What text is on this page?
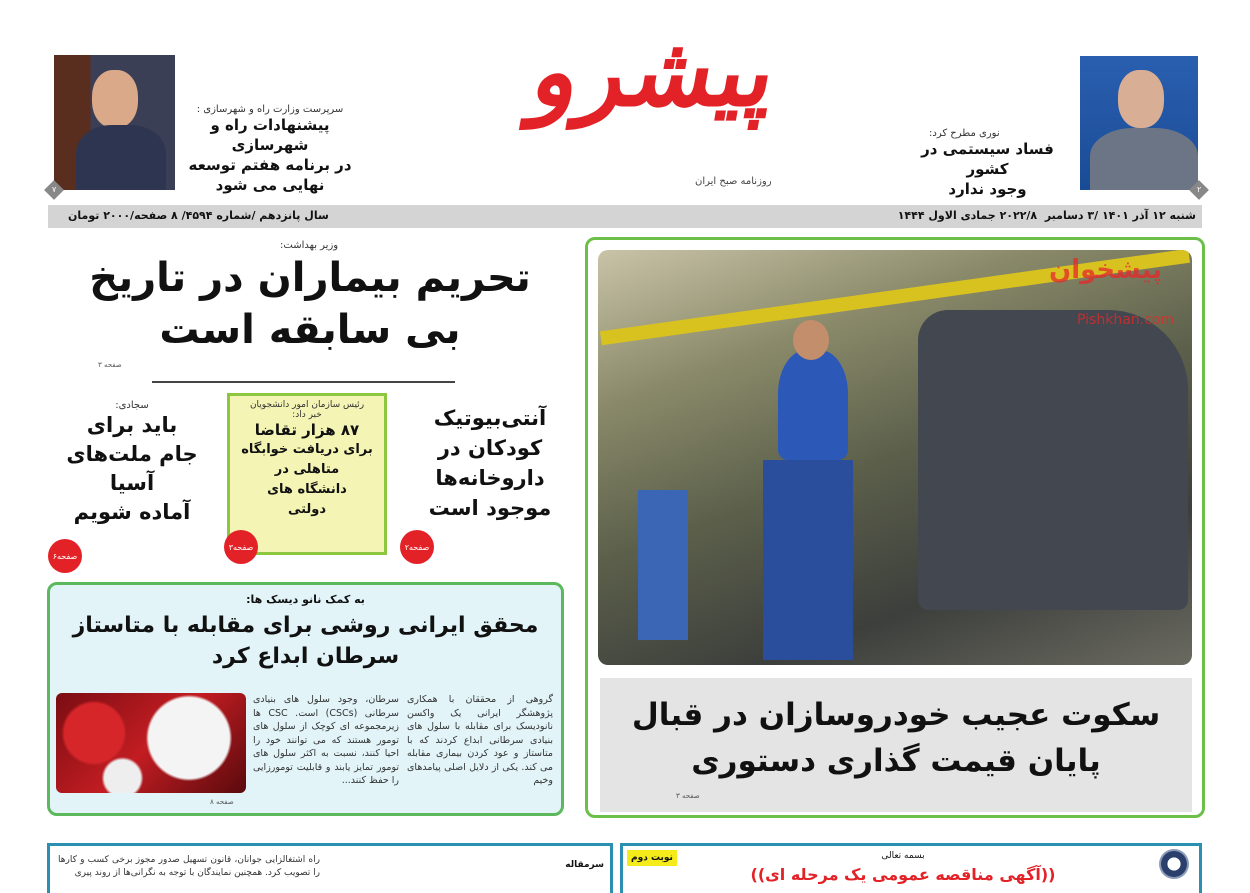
۷
سرپرست وزارت راه و شهرسازی :
پیشنهادات راه و شهرسازی
در برنامه هفتم توسعه
نهایی می شود
پیشرو
روزنامه صبح ایران
۲
نوری مطرح کرد:
فساد سیستمی در کشور
وجود ندارد
سال پانزدهم /شماره ۴۵۹۴/ ۸ صفحه/۲۰۰۰ تومان	شنبه ۱۲ آذر ۱۴۰۱ /۳ دسامبر  ۲۰۲۲/۸ جمادی الاول ۱۴۴۴
وزیر بهداشت:
تحریم بیماران در تاریخ
بی سابقه است
صفحه ۳
آنتی‌بیوتیک
کودکان در
داروخانه‌ها
موجود است
صفحه۲
رئیس سازمان امور دانشجویان
خبر داد:
۸۷ هزار تقاضا
برای دریافت خوابگاه
متاهلی در
دانشگاه های
دولتی
صفحه۳
سجادی:
باید برای
جام ملت‌های
آسیا
آماده شویم
صفحه۶
به کمک نانو دیسک ها:
محقق ایرانی روشی برای مقابله با متاستاز
سرطان ابداع کرد
گروهی از محققان با همکاری پژوهشگر ایرانی یک واکسن نانودیسک برای مقابله با سلول های بنیادی سرطانی ابداع کردند که با متاستاز و عود کردن بیماری مقابله می کند. یکی از دلایل اصلی پیامدهای وخیم
سرطان، وجود سلول های بنیادی سرطانی (CSCs) است. CSC ها زیرمجموعه ای کوچک از سلول های تومور هستند که می توانند خود را احیا کنند، نسبت به اکثر سلول های تومور تمایز یابند و قابلیت تومورزایی را حفظ کنند...
صفحه ۸
پیشخوان
Pishkhan.com
سکوت عجیب خودروسازان در قبال
پایان قیمت گذاری دستوری
صفحه ۳
راه اشتغالزایی جوانان، قانون تسهیل صدور مجوز برخی کسب و کارها را تصویب کرد. همچنین نمایندگان با توجه به نگرانی‌ها از روند پیری
سرمقاله
نوبت دوم	بسمه تعالی
((آگهی مناقصه عمومی یک مرحله ای))
